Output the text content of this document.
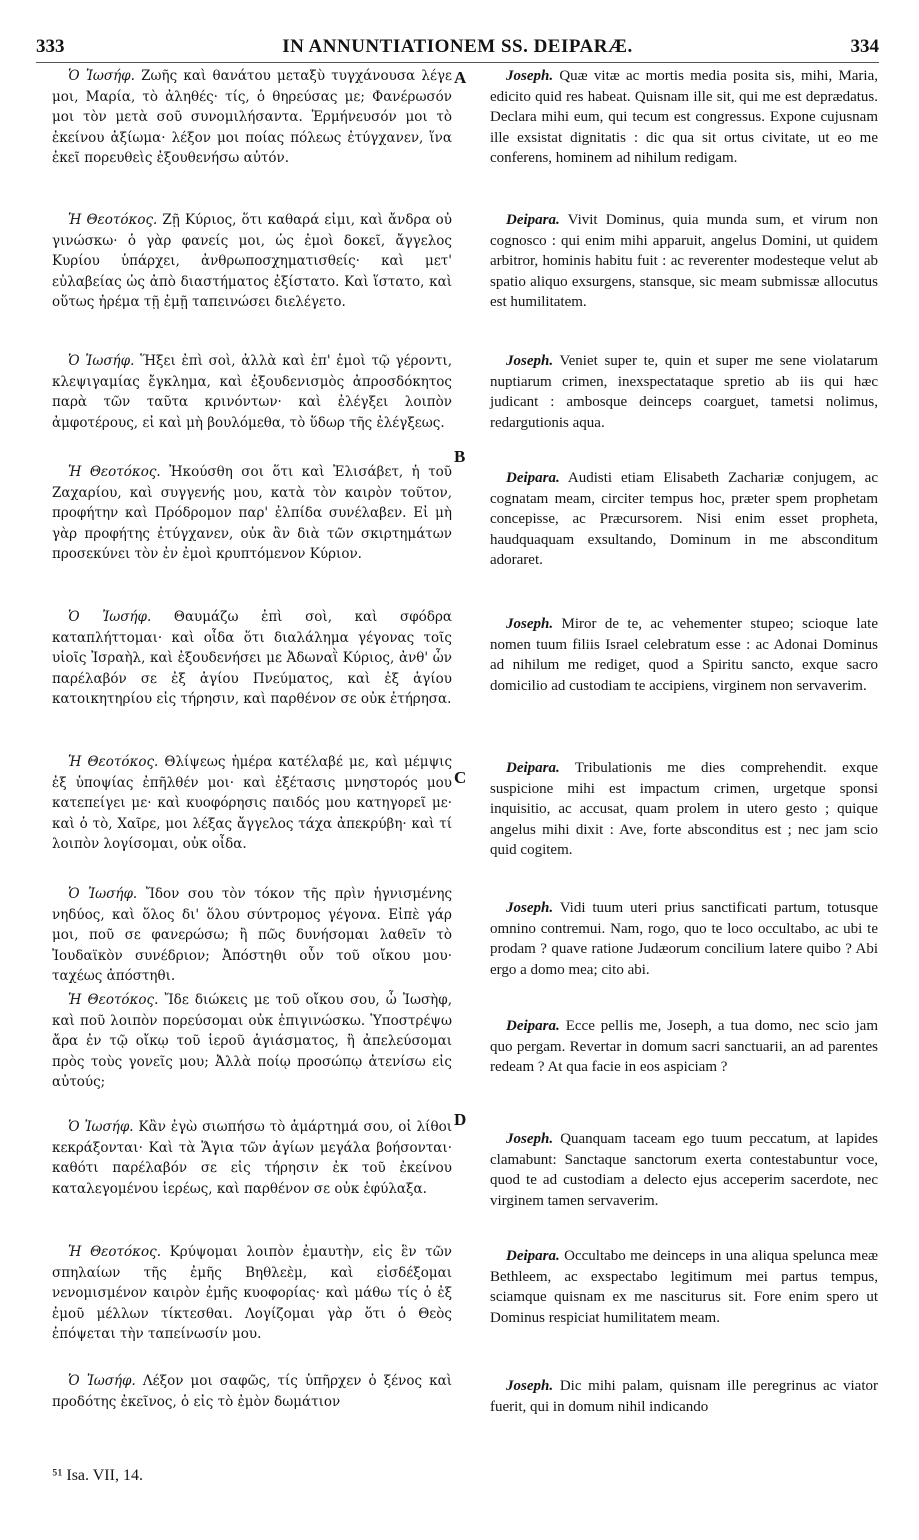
333	IN ANNUNTIATIONEM SS. DEIPARÆ.	334

Ὁ Ἰωσήφ. Ζωῆς καὶ θανάτου μεταξὺ τυγχάνουσα λέγε μοι, Μαρία, τὸ ἀληθές· τίς, ὁ θηρεύσας με; Φανέρωσόν μοι τὸν μετὰ σοῦ συνομιλήσαντα. Ἑρμήνευσόν μοι τὸ ἐκείνου ἀξίωμα· λέξον μοι ποίας πόλεως ἐτύγχανεν, ἵνα ἐκεῖ πορευθεὶς ἐξουθενήσω αὐτόν.

Ἡ Θεοτόκος. Ζῇ Κύριος, ὅτι καθαρά εἰμι, καὶ ἄνδρα οὐ γινώσκω· ὁ γὰρ φανείς μοι, ὡς ἐμοὶ δοκεῖ, ἄγγελος Κυρίου ὑπάρχει, ἀνθρωποσχηματισθείς· καὶ μετ' εὐλαβείας ὡς ἀπὸ διαστήματος ἐξίστατο. Καὶ ἵστατο, καὶ οὕτως ἠρέμα τῇ ἐμῇ ταπεινώσει διελέγετο.

Ὁ Ἰωσήφ. Ἥξει ἐπὶ σοὶ, ἀλλὰ καὶ ἐπ' ἐμοὶ τῷ γέροντι, κλεψιγαμίας ἔγκλημα, καὶ ἐξουδενισμὸς ἀπροσδόκητος παρὰ τῶν ταῦτα κρινόντων· καὶ ἐλέγξει λοιπὸν ἀμφοτέρους, εἰ καὶ μὴ βουλόμεθα, τὸ ὕδωρ τῆς ἐλέγξεως.

Ἡ Θεοτόκος. Ἠκούσθη σοι ὅτι καὶ Ἐλισάβετ, ἡ τοῦ Ζαχαρίου, καὶ συγγενής μου, κατὰ τὸν καιρὸν τοῦτον, προφήτην καὶ Πρόδρομον παρ' ἐλπίδα συνέλαβεν. Εἰ μὴ γὰρ προφήτης ἐτύγχανεν, οὐκ ἂν διὰ τῶν σκιρτημάτων προσεκύνει τὸν ἐν ἐμοὶ κρυπτόμενον Κύριον.

Ὁ Ἰωσήφ. Θαυμάζω ἐπὶ σοὶ, καὶ σφόδρα καταπλήττομαι· καὶ οἶδα ὅτι διαλάλημα γέγονας τοῖς υἱοῖς Ἰσραὴλ, καὶ ἐξουδενήσει με Ἀδωναῒ Κύριος, ἀνθ' ὧν παρέλαβόν σε ἐξ ἁγίου Πνεύματος, καὶ ἐξ ἁγίου κατοικητηρίου εἰς τήρησιν, καὶ παρθένον σε οὐκ ἐτήρησα.

Ἡ Θεοτόκος. Θλίψεως ἡμέρα κατέλαβέ με, καὶ μέμψις ἐξ ὑποψίας ἐπῆλθέν μοι· καὶ ἐξέτασις μνηστορός μου κατεπείγει με· καὶ κυοφόρησις παιδός μου κατηγορεῖ με· καὶ ὁ τὸ, Χαῖρε, μοι λέξας ἄγγελος τάχα ἀπεκρύβη· καὶ τί λοιπὸν λογίσομαι, οὐκ οἶδα.

Ὁ Ἰωσήφ. Ἴδον σου τὸν τόκον τῆς πρὶν ἡγνισμένης νηδύος, καὶ ὅλος δι' ὅλου σύντρομος γέγονα. Εἰπὲ γάρ μοι, ποῦ σε φανερώσω; ἢ πῶς δυνήσομαι λαθεῖν τὸ Ἰουδαϊκὸν συνέδριον; Ἀπόστηθι οὖν τοῦ οἴκου μου· ταχέως ἀπόστηθι.

Ἡ Θεοτόκος. Ἴδε διώκεις με τοῦ οἴκου σου, ὦ Ἰωσὴφ, καὶ ποῦ λοιπὸν πορεύσομαι οὐκ ἐπιγινώσκω. Ὑποστρέψω ἄρα ἐν τῷ οἴκῳ τοῦ ἱεροῦ ἁγιάσματος, ἢ ἀπελεύσομαι πρὸς τοὺς γονεῖς μου; Ἀλλὰ ποίῳ προσώπῳ ἀτενίσω εἰς αὐτούς;

Ὁ Ἰωσήφ. Κἂν ἐγὼ σιωπήσω τὸ ἁμάρτημά σου, οἱ λίθοι κεκράξονται· Καὶ τὰ Ἅγια τῶν ἁγίων μεγάλα βοήσονται· καθότι παρέλαβόν σε εἰς τήρησιν ἐκ τοῦ ἐκείνου καταλεγομένου ἱερέως, καὶ παρθένον σε οὐκ ἐφύλαξα.

Ἡ Θεοτόκος. Κρύψομαι λοιπὸν ἐμαυτὴν, εἰς ἓν τῶν σπηλαίων τῆς ἐμῆς Βηθλεὲμ, καὶ εἰσδέξομαι νενομισμένον καιρὸν ἐμῆς κυοφορίας· καὶ μάθω τίς ὁ ἐξ ἐμοῦ μέλλων τίκτεσθαι. Λογίζομαι γὰρ ὅτι ὁ Θεὸς ἐπόψεται τὴν ταπείνωσίν μου.

Ὁ Ἰωσήφ. Λέξον μοι σαφῶς, τίς ὑπῆρχεν ὁ ξένος καὶ προδότης ἐκεῖνος, ὁ εἰς τὸ ἐμὸν δωμάτιον

A
B
C
D

Joseph. Quæ vitæ ac mortis media posita sis, mihi, Maria, edicito quid res habeat. Quisnam ille sit, qui me est deprædatus. Declara mihi eum, qui tecum est congressus. Expone cujusnam ille exsistat dignitatis : dic qua sit ortus civitate, ut eo me conferens, hominem ad nihilum redigam.

Deipara. Vivit Dominus, quia munda sum, et virum non cognosco : qui enim mihi apparuit, angelus Domini, ut quidem arbitror, hominis habitu fuit : ac reverenter modesteque velut ab spatio aliquo exsurgens, stansque, sic meam submissæ allocutus est humilitatem.

Joseph. Veniet super te, quin et super me sene violatarum nuptiarum crimen, inexspectataque spretio ab iis qui hæc judicant : ambosque deinceps coarguet, tametsi nolimus, redargutionis aqua.

Deipara. Audisti etiam Elisabeth Zachariæ conjugem, ac cognatam meam, circiter tempus hoc, præter spem prophetam concepisse, ac Præcursorem. Nisi enim esset propheta, haudquaquam exsultando, Dominum in me absconditum adoraret.

Joseph. Miror de te, ac vehementer stupeo; scioque late nomen tuum filiis Israel celebratum esse : ac Adonai Dominus ad nihilum me rediget, quod a Spiritu sancto, exque sacro domicilio ad custodiam te accipiens, virginem non servaverim.

Deipara. Tribulationis me dies comprehendit. exque suspicione mihi est impactum crimen, urgetque sponsi inquisitio, ac accusat, quam prolem in utero gesto ; quique angelus mihi dixit : Ave, forte absconditus est ; nec jam scio quid cogitem.

Joseph. Vidi tuum uteri prius sanctificati partum, totusque omnino contremui. Nam, rogo, quo te loco occultabo, ac ubi te prodam ? quave ratione Judæorum concilium latere quibo ? Abi ergo a domo mea; cito abi.

Deipara. Ecce pellis me, Joseph, a tua domo, nec scio jam quo pergam. Revertar in domum sacri sanctuarii, an ad parentes redeam ? At qua facie in eos aspiciam ?

Joseph. Quanquam taceam ego tuum peccatum, at lapides clamabunt: Sanctaque sanctorum exerta contestabuntur voce, quod te ad custodiam a delecto ejus acceperim sacerdote, nec virginem tamen servaverim.

Deipara. Occultabo me deinceps in una aliqua spelunca meæ Bethleem, ac exspectabo legitimum mei partus tempus, sciamque quisnam ex me nasciturus sit. Fore enim spero ut Dominus respiciat humilitatem meam.

Joseph. Dic mihi palam, quisnam ille peregrinus ac viator fuerit, qui in domum nihil indicando

⁵¹ Isa. VII, 14.
